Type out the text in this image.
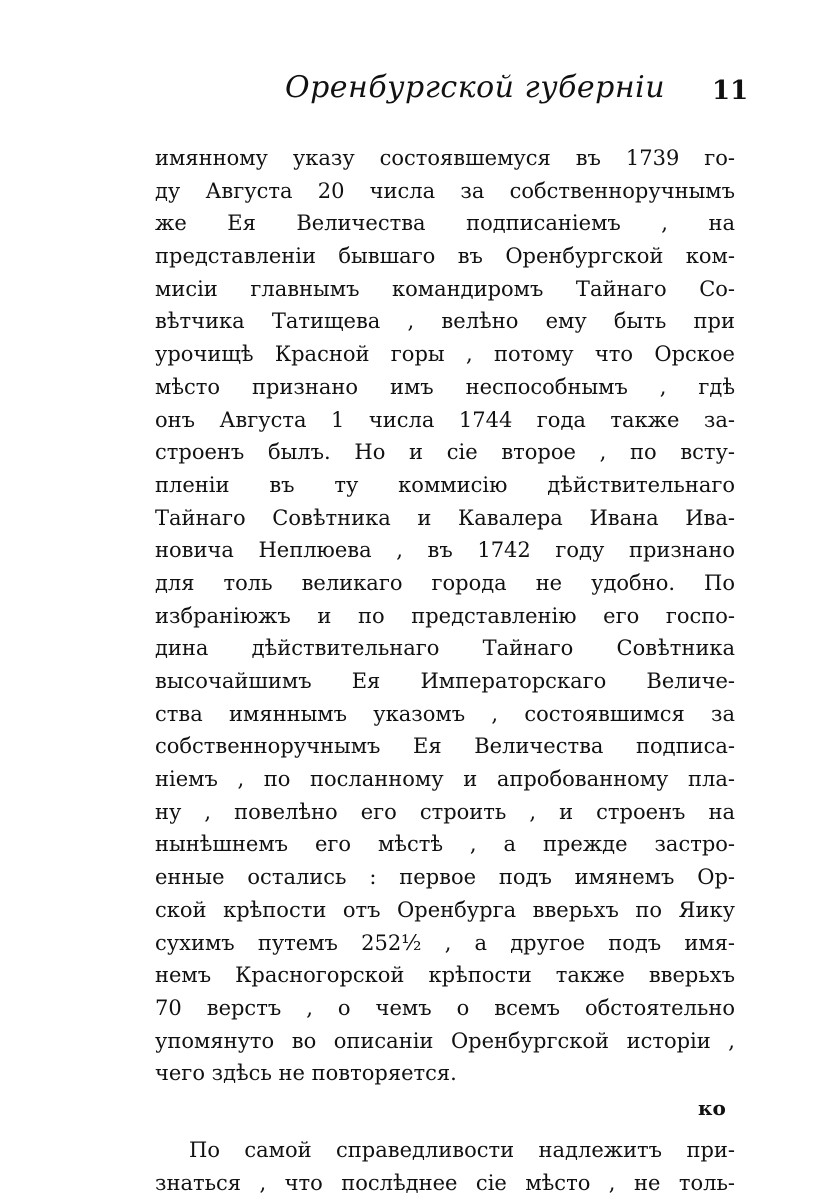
Оренбургской губерніи 11
имянному указу состоявшемуся въ 1739 го-
ду Августа 20 числа за собственноручнымъ
же Ея Величества подписаніемъ , на
представленіи бывшаго въ Оренбургской ком-
мисіи главнымъ командиромъ Тайнаго Со-
вѣтчика Татищева , велѣно ему быть при
урочищѣ Красной горы , потому что Орское
мѣсто признано имъ неспособнымъ , гдѣ
онъ Августа 1 числа 1744 года также за-
строенъ былъ. Но и сіе второе , по всту-
пленіи въ ту коммисію дѣйствительнаго
Тайнаго Совѣтника и Кавалера Ивана Ива-
новича Неплюева , въ 1742 году признано
для толь великаго города не удобно. По
избраніюжъ и по представленію его госпо-
дина дѣйствительнаго Тайнаго Совѣтника
высочайшимъ Ея Императорскаго Величе-
ства имяннымъ указомъ , состоявшимся за
собственноручнымъ Ея Величества подписа-
ніемъ , по посланному и апробованному пла-
ну , повелѣно его строить , и строенъ на
нынѣшнемъ его мѣстѣ , а прежде застро-
енные остались : первое подъ имянемъ Ор-
ской крѣпости отъ Оренбурга вверьхъ по Яику
сухимъ путемъ 252½ , а другое подъ имя-
немъ Красногорской крѣпости также вверьхъ
70 верстъ , о чемъ о всемъ обстоятельно
упомянуто во описаніи Оренбургской исторіи ,
чего здѣсь не повторяется.
По самой справедливости надлежитъ при-
знаться , что послѣднее сіе мѣсто , не толь-
ко
